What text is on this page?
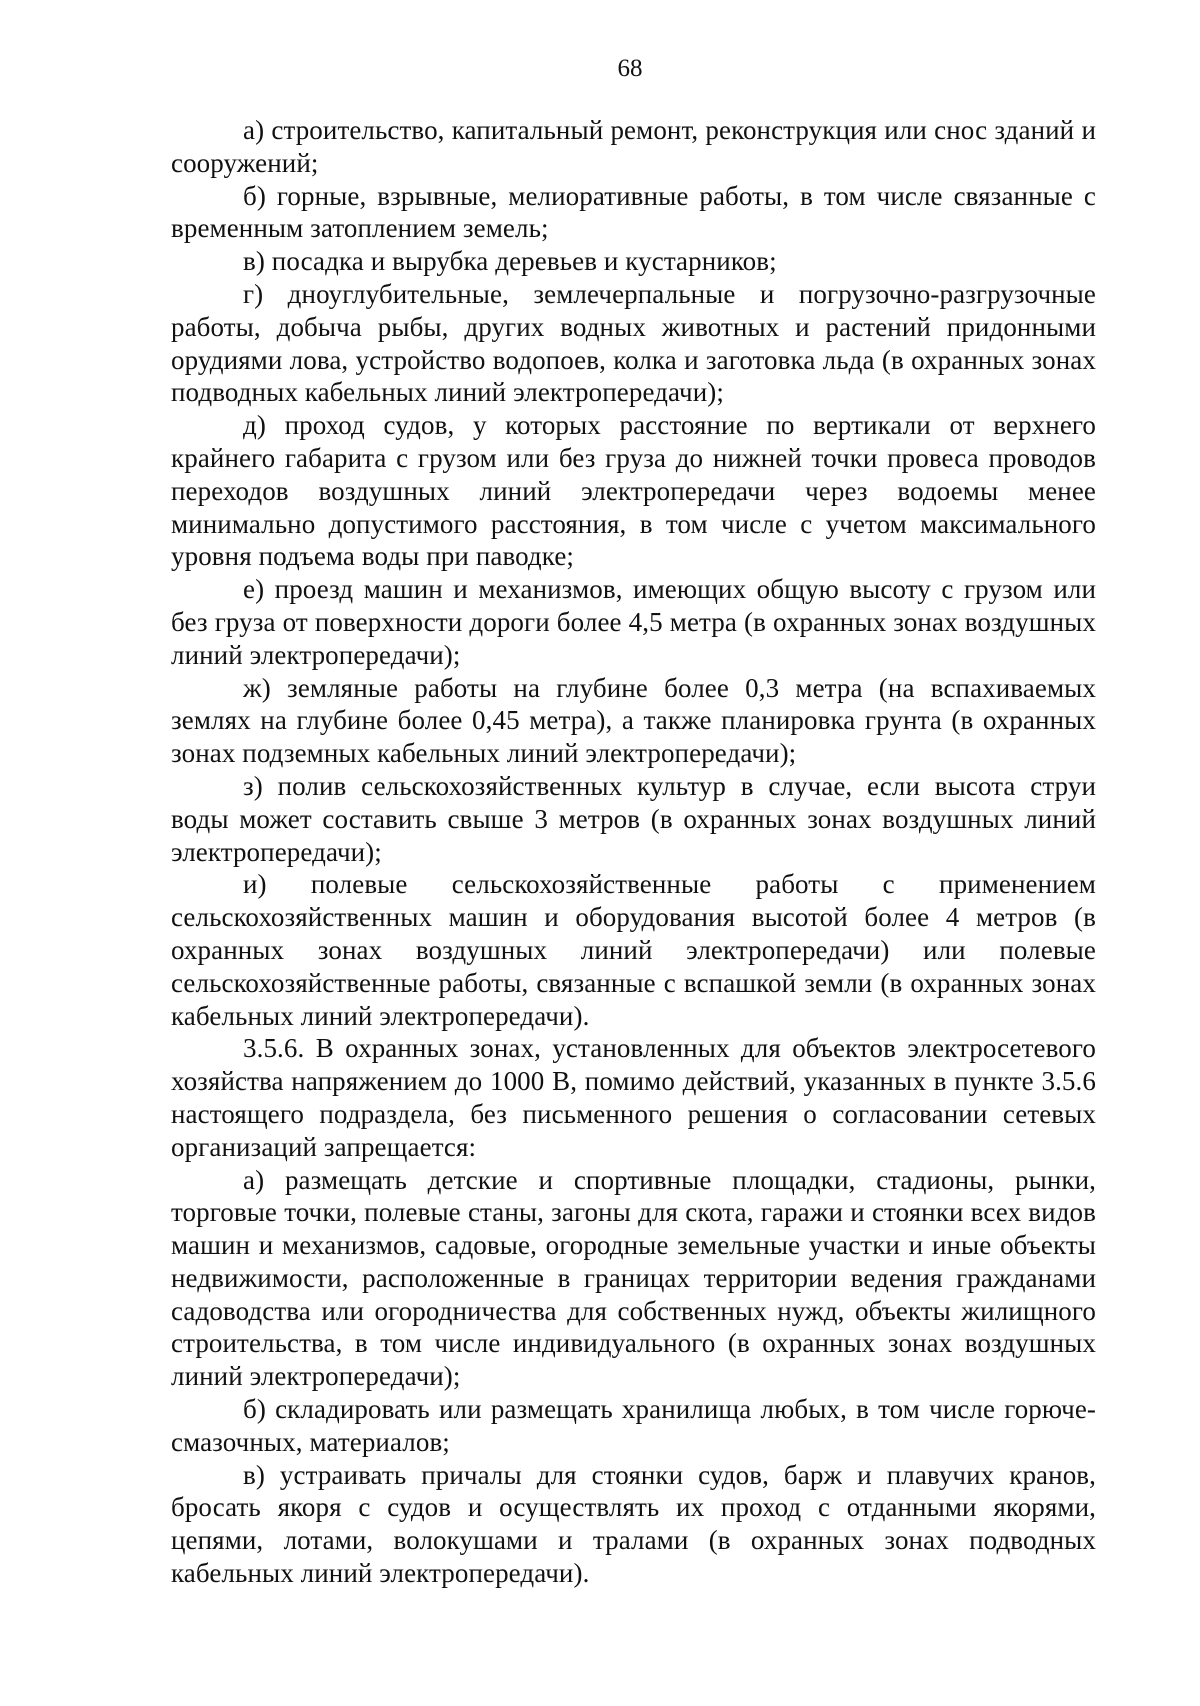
68

а) строительство, капитальный ремонт, реконструкция или снос зданий и сооружений;

б) горные, взрывные, мелиоративные работы, в том числе связанные с временным затоплением земель;

в) посадка и вырубка деревьев и кустарников;

г) дноуглубительные, землечерпальные и погрузочно-разгрузочные работы, добыча рыбы, других водных животных и растений придонными орудиями лова, устройство водопоев, колка и заготовка льда (в охранных зонах подводных кабельных линий электропередачи);

д) проход судов, у которых расстояние по вертикали от верхнего крайнего габарита с грузом или без груза до нижней точки провеса проводов переходов воздушных линий электропередачи через водоемы менее минимально допустимого расстояния, в том числе с учетом максимального уровня подъема воды при паводке;

е) проезд машин и механизмов, имеющих общую высоту с грузом или без груза от поверхности дороги более 4,5 метра (в охранных зонах воздушных линий электропередачи);

ж) земляные работы на глубине более 0,3 метра (на вспахиваемых землях на глубине более 0,45 метра), а также планировка грунта (в охранных зонах подземных кабельных линий электропередачи);

з) полив сельскохозяйственных культур в случае, если высота струи воды может составить свыше 3 метров (в охранных зонах воздушных линий электропередачи);

и) полевые сельскохозяйственные работы с применением сельскохозяйственных машин и оборудования высотой более 4 метров (в охранных зонах воздушных линий электропередачи) или полевые сельскохозяйственные работы, связанные с вспашкой земли (в охранных зонах кабельных линий электропередачи).

3.5.6. В охранных зонах, установленных для объектов электросетевого хозяйства напряжением до 1000 В, помимо действий, указанных в пункте 3.5.6 настоящего подраздела, без письменного решения о согласовании сетевых организаций запрещается:

а) размещать детские и спортивные площадки, стадионы, рынки, торговые точки, полевые станы, загоны для скота, гаражи и стоянки всех видов машин и механизмов, садовые, огородные земельные участки и иные объекты недвижимости, расположенные в границах территории ведения гражданами садоводства или огородничества для собственных нужд, объекты жилищного строительства, в том числе индивидуального (в охранных зонах воздушных линий электропередачи);

б) складировать или размещать хранилища любых, в том числе горюче-смазочных, материалов;

в) устраивать причалы для стоянки судов, барж и плавучих кранов, бросать якоря с судов и осуществлять их проход с отданными якорями, цепями, лотами, волокушами и тралами (в охранных зонах подводных кабельных линий электропередачи).
